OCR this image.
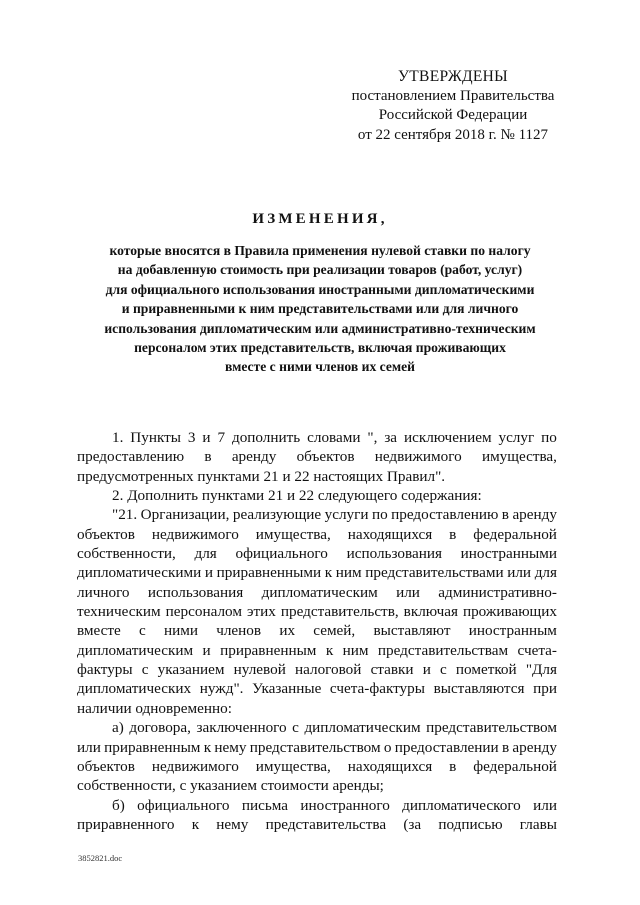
УТВЕРЖДЕНЫ
постановлением Правительства
Российской Федерации
от 22 сентября 2018 г. № 1127
ИЗМЕНЕНИЯ,
которые вносятся в Правила применения нулевой ставки по налогу
на добавленную стоимость при реализации товаров (работ, услуг)
для официального использования иностранными дипломатическими
и приравненными к ним представительствами или для личного
использования дипломатическим или административно-техническим
персоналом этих представительств, включая проживающих
вместе с ними членов их семей
1. Пункты 3 и 7 дополнить словами ", за исключением услуг по
предоставлению в аренду объектов недвижимого имущества,
предусмотренных пунктами 21 и 22 настоящих Правил".
2. Дополнить пунктами 21 и 22 следующего содержания:
"21. Организации, реализующие услуги по предоставлению в аренду
объектов недвижимого имущества, находящихся в федеральной
собственности, для официального использования иностранными
дипломатическими и приравненными к ним представительствами или для
личного использования дипломатическим или административно-
техническим персоналом этих представительств, включая проживающих
вместе с ними членов их семей, выставляют иностранным
дипломатическим и приравненным к ним представительствам счета-
фактуры с указанием нулевой налоговой ставки и с пометкой "Для
дипломатических нужд". Указанные счета-фактуры выставляются при
наличии одновременно:
а) договора, заключенного с дипломатическим представительством
или приравненным к нему представительством о предоставлении в аренду
объектов недвижимого имущества, находящихся в федеральной
собственности, с указанием стоимости аренды;
б) официального письма иностранного дипломатического или
приравненного к нему представительства (за подписью главы
3852821.doc
